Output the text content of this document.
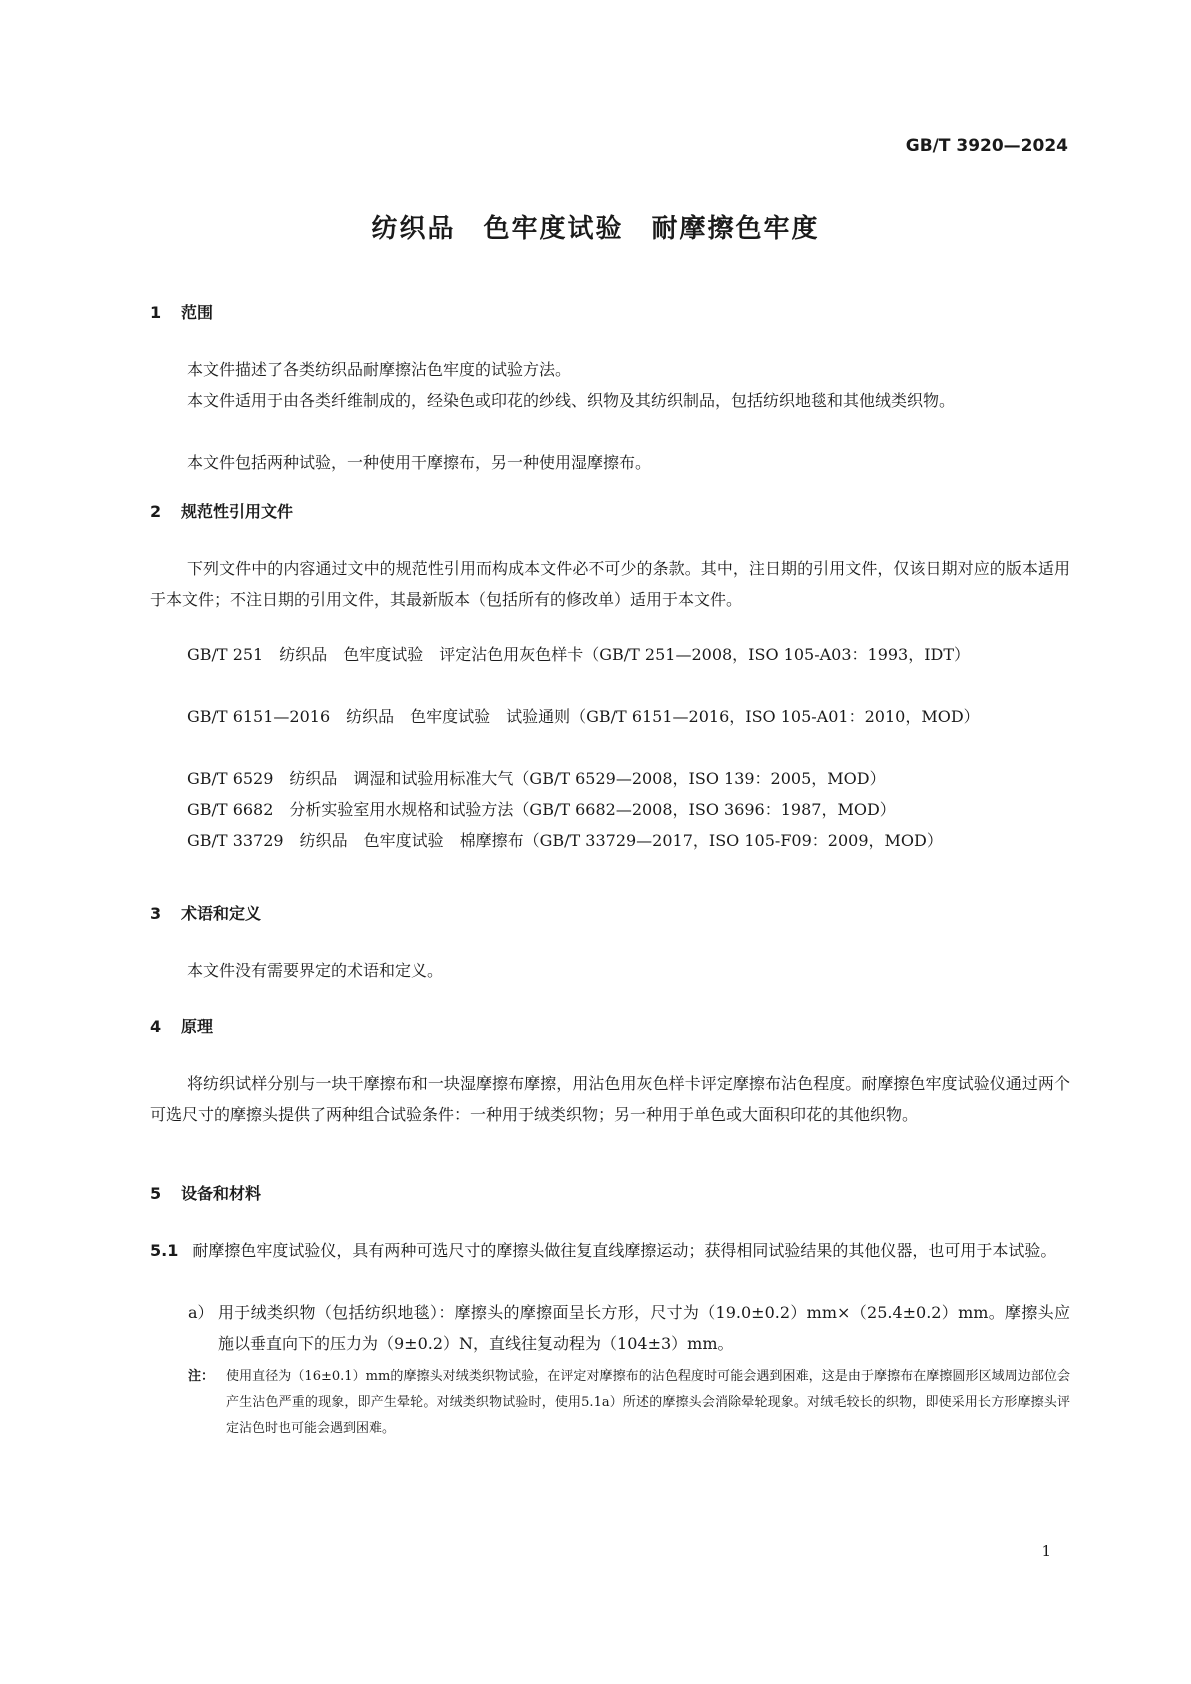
GB/T 3920—2024
纺织品　色牢度试验　耐摩擦色牢度
1 范围

本文件描述了各类纺织品耐摩擦沾色牢度的试验方法。

本文件适用于由各类纤维制成的，经染色或印花的纱线、织物及其纺织制品，包括纺织地毯和其他绒类织物。

本文件包括两种试验，一种使用干摩擦布，另一种使用湿摩擦布。

2 规范性引用文件

下列文件中的内容通过文中的规范性引用而构成本文件必不可少的条款。其中，注日期的引用文件，仅该日期对应的版本适用于本文件；不注日期的引用文件，其最新版本（包括所有的修改单）适用于本文件。

GB/T 251　纺织品　色牢度试验　评定沾色用灰色样卡（GB/T 251—2008，ISO 105-A03：1993，IDT）

GB/T 6151—2016　纺织品　色牢度试验　试验通则（GB/T 6151—2016，ISO 105-A01：2010，MOD）

GB/T 6529　纺织品　调湿和试验用标准大气（GB/T 6529—2008，ISO 139：2005，MOD）

GB/T 6682　分析实验室用水规格和试验方法（GB/T 6682—2008，ISO 3696：1987，MOD）

GB/T 33729　纺织品　色牢度试验　棉摩擦布（GB/T 33729—2017，ISO 105-F09：2009，MOD）

3 术语和定义

本文件没有需要界定的术语和定义。

4 原理

将纺织试样分别与一块干摩擦布和一块湿摩擦布摩擦，用沾色用灰色样卡评定摩擦布沾色程度。耐摩擦色牢度试验仪通过两个可选尺寸的摩擦头提供了两种组合试验条件：一种用于绒类织物；另一种用于单色或大面积印花的其他织物。

5 设备和材料

5.1 耐摩擦色牢度试验仪，具有两种可选尺寸的摩擦头做往复直线摩擦运动；获得相同试验结果的其他仪器，也可用于本试验。

a） 用于绒类织物（包括纺织地毯）：摩擦头的摩擦面呈长方形，尺寸为（19.0±0.2）mm×（25.4±0.2）mm。摩擦头应施以垂直向下的压力为（9±0.2）N，直线往复动程为（104±3）mm。
注： 使用直径为（16±0.1）mm的摩擦头对绒类织物试验，在评定对摩擦布的沾色程度时可能会遇到困难，这是由于摩擦布在摩擦圆形区域周边部位会产生沾色严重的现象，即产生晕轮。对绒类织物试验时，使用5.1a）所述的摩擦头会消除晕轮现象。对绒毛较长的织物，即使采用长方形摩擦头评定沾色时也可能会遇到困难。
1
